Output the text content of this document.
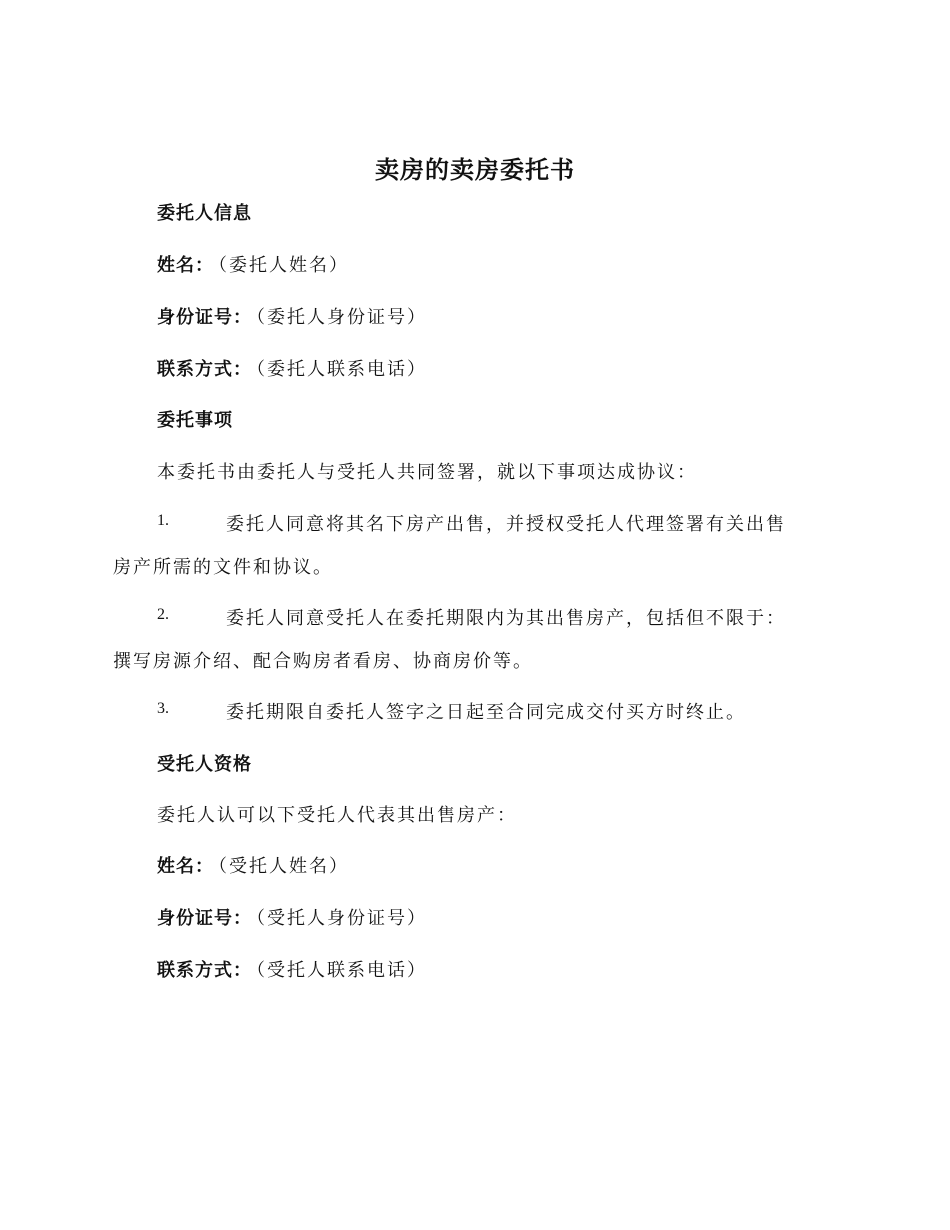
卖房的卖房委托书
委托人信息
姓名： （委托人姓名）
身份证号： （委托人身份证号）
联系方式： （委托人联系电话）
委托事项
本委托书由委托人与受托人共同签署，就以下事项达成协议：
1.	委托人同意将其名下房产出售，并授权受托人代理签署有关出售
房产所需的文件和协议。
2.	委托人同意受托人在委托期限内为其出售房产，包括但不限于：
撰写房源介绍、配合购房者看房、协商房价等。
3.	委托期限自委托人签字之日起至合同完成交付买方时终止。
受托人资格
委托人认可以下受托人代表其出售房产：
姓名： （受托人姓名）
身份证号： （受托人身份证号）
联系方式： （受托人联系电话）
